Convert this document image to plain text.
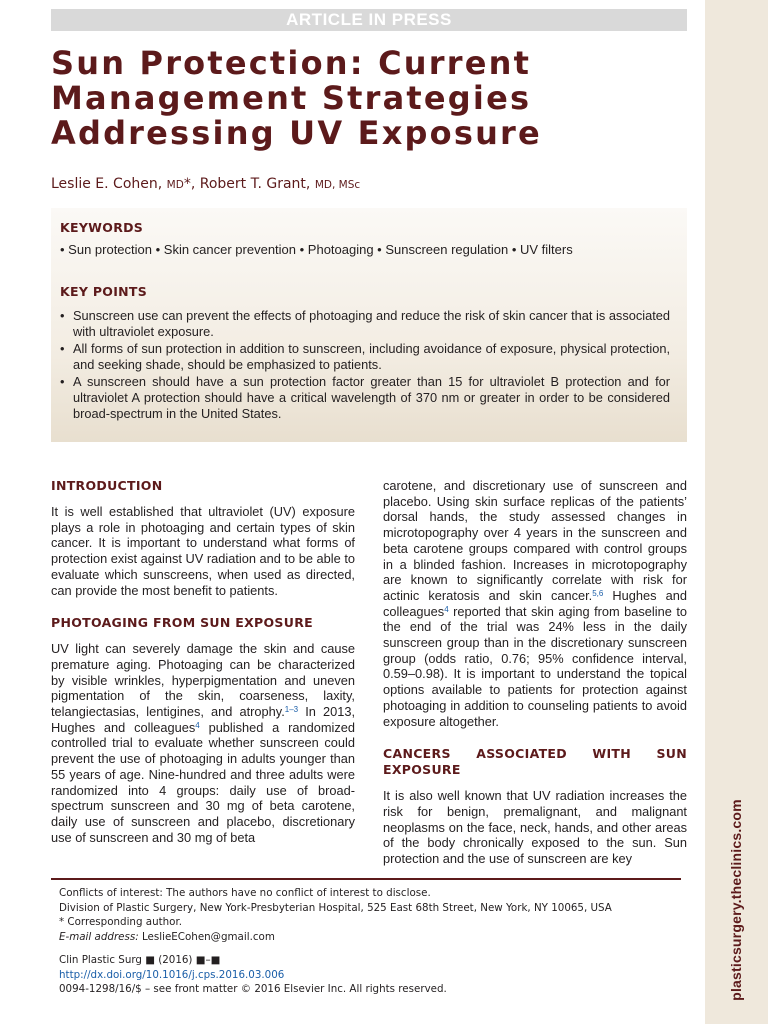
plasticsurgery.theclinics.com
ARTICLE IN PRESS
Sun Protection: Current
Management Strategies
Addressing UV Exposure
Leslie E. Cohen, MD*, Robert T. Grant, MD, MSc
KEYWORDS
• Sun protection • Skin cancer prevention • Photoaging • Sunscreen regulation • UV filters
KEY POINTS
• Sunscreen use can prevent the effects of photoaging and reduce the risk of skin cancer that is associated with ultraviolet exposure.
• All forms of sun protection in addition to sunscreen, including avoidance of exposure, physical protection, and seeking shade, should be emphasized to patients.
• A sunscreen should have a sun protection factor greater than 15 for ultraviolet B protection and for ultraviolet A protection should have a critical wavelength of 370 nm or greater in order to be considered broad-spectrum in the United States.
INTRODUCTION

It is well established that ultraviolet (UV) exposure plays a role in photoaging and certain types of skin cancer. It is important to understand what forms of protection exist against UV radiation and to be able to evaluate which sunscreens, when used as directed, can provide the most benefit to patients.

PHOTOAGING FROM SUN EXPOSURE

UV light can severely damage the skin and cause premature aging. Photoaging can be characterized by visible wrinkles, hyperpigmentation and uneven pigmentation of the skin, coarseness, laxity, telangiectasias, lentigines, and atrophy.$^{1-3}$ In 2013, Hughes and colleagues$^4$ published a randomized controlled trial to evaluate whether sunscreen could prevent the use of photoaging in adults younger than 55 years of age. Nine-hundred and three adults were randomized into 4 groups: daily use of broad-spectrum sunscreen and 30 mg of beta carotene, daily use of sunscreen and placebo, discretionary use of sunscreen and 30 mg of beta

carotene, and discretionary use of sunscreen and placebo. Using skin surface replicas of the patients’ dorsal hands, the study assessed changes in microtopography over 4 years in the sunscreen and beta carotene groups compared with control groups in a blinded fashion. Increases in microtopography are known to significantly correlate with risk for actinic keratosis and skin cancer.$^{5,6}$ Hughes and colleagues$^4$ reported that skin aging from baseline to the end of the trial was 24% less in the daily sunscreen group than in the discretionary sunscreen group (odds ratio, 0.76; 95% confidence interval, 0.59–0.98). It is important to understand the topical options available to patients for protection against photoaging in addition to counseling patients to avoid exposure altogether.

CANCERS ASSOCIATED WITH SUN EXPOSURE

It is also well known that UV radiation increases the risk for benign, premalignant, and malignant neoplasms on the face, neck, hands, and other areas of the body chronically exposed to the sun. Sun protection and the use of sunscreen are key

Conflicts of interest: The authors have no conflict of interest to disclose.
Division of Plastic Surgery, New York-Presbyterian Hospital, 525 East 68th Street, New York, NY 10065, USA
* Corresponding author.
E-mail address: LeslieECohen@gmail.com
Clin Plastic Surg ■ (2016) ■–■
http://dx.doi.org/10.1016/j.cps.2016.03.006
0094-1298/16/$ – see front matter © 2016 Elsevier Inc. All rights reserved.
